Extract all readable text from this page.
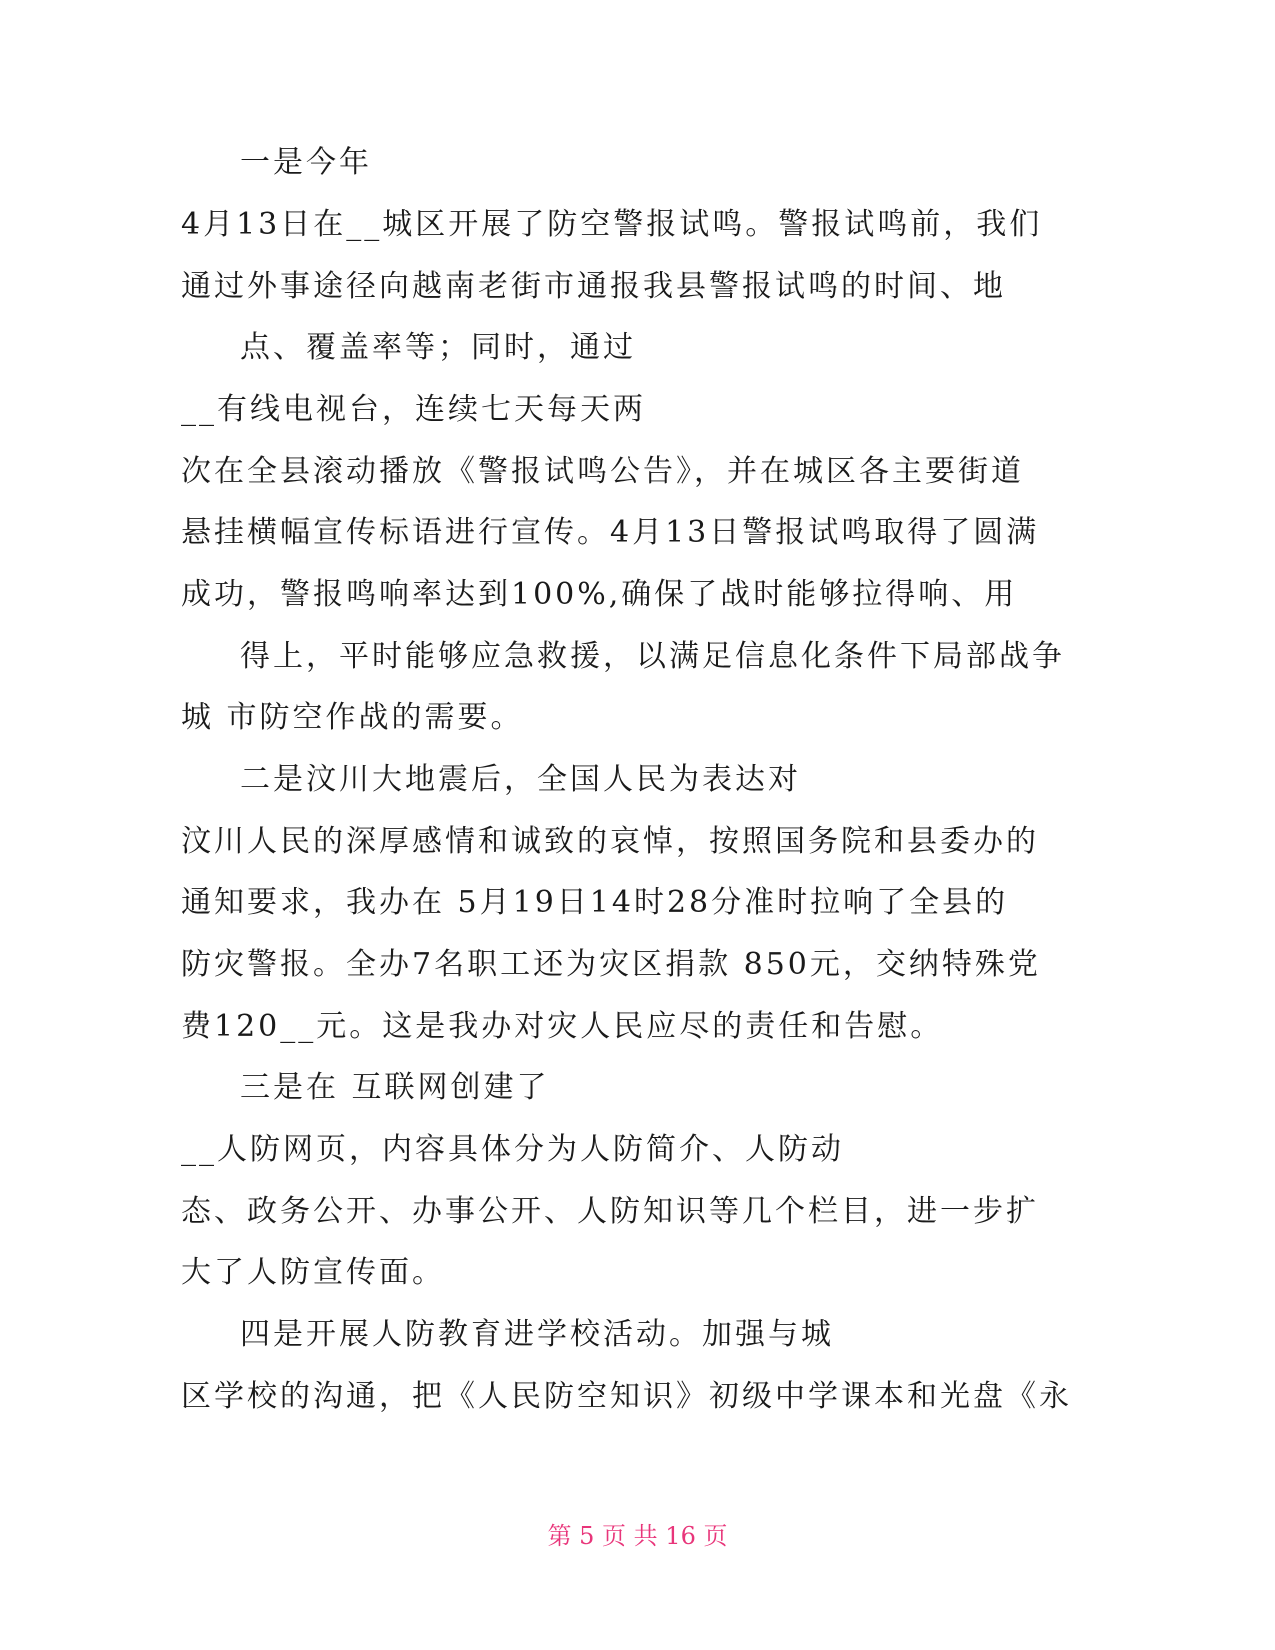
一是今年
4月13日在__城区开展了防空警报试鸣。警报试鸣前，我们
通过外事途径向越南老街市通报我县警报试鸣的时间、地
点、覆盖率等；同时，通过
__有线电视台，连续七天每天两
次在全县滚动播放《警报试鸣公告》，并在城区各主要街道
悬挂横幅宣传标语进行宣传。4月13日警报试鸣取得了圆满
成功，警报鸣响率达到100%,确保了战时能够拉得响、用
得上，平时能够应急救援，以满足信息化条件下局部战争
城 市防空作战的需要。
二是汶川大地震后，全国人民为表达对
汶川人民的深厚感情和诚致的哀悼，按照国务院和县委办的
通知要求，我办在 5月19日14时28分准时拉响了全县的
防灾警报。全办7名职工还为灾区捐款 850元，交纳特殊党
费120__元。这是我办对灾人民应尽的责任和告慰。
三是在 互联网创建了
__人防网页，内容具体分为人防简介、人防动
态、政务公开、办事公开、人防知识等几个栏目，进一步扩
大了人防宣传面。
四是开展人防教育进学校活动。加强与城
区学校的沟通，把《人民防空知识》初级中学课本和光盘《永
第 5 页 共 16 页
